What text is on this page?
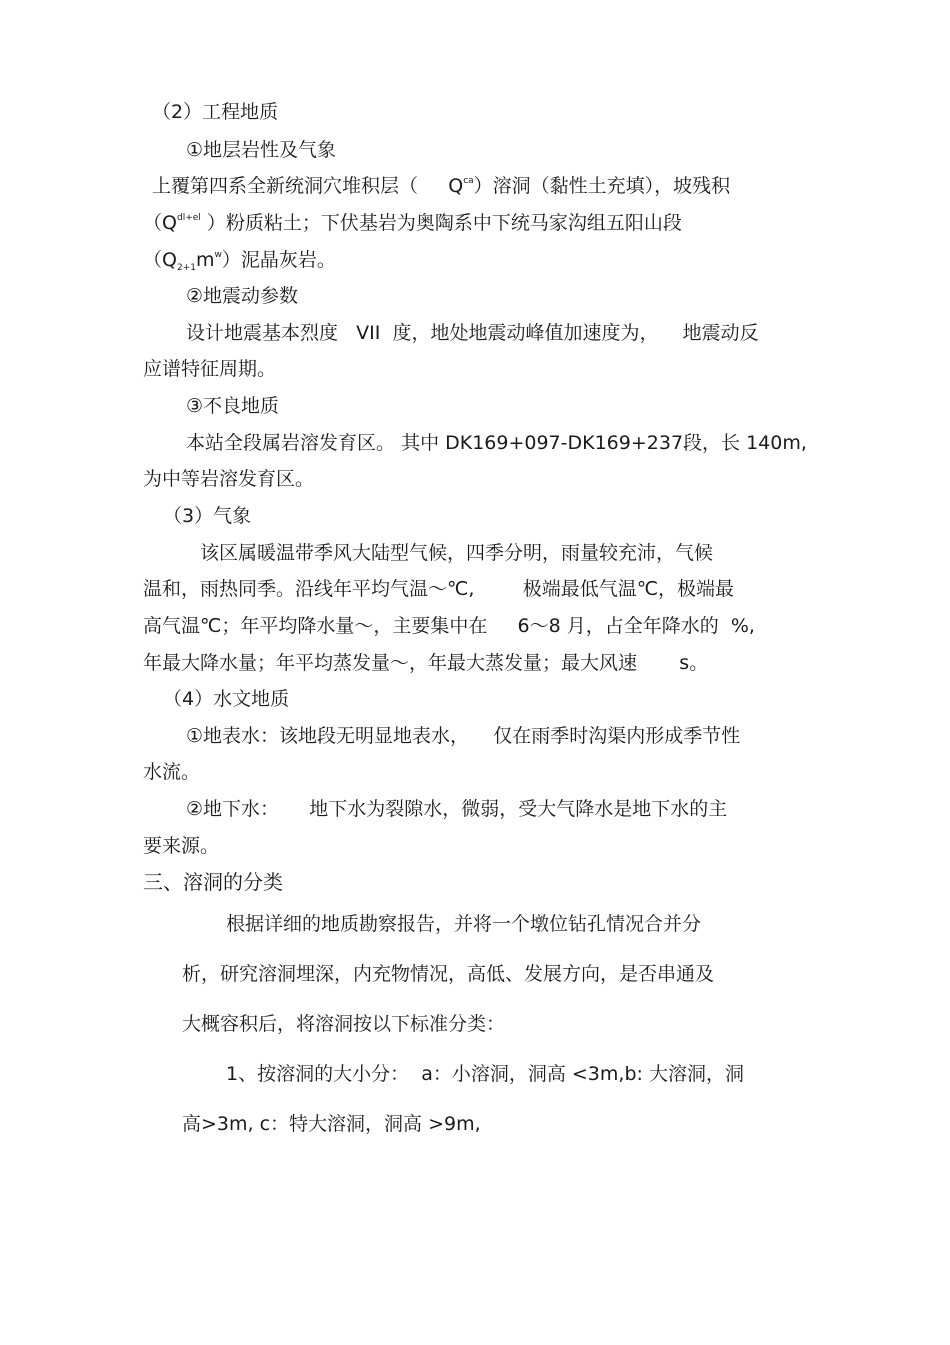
（2）工程地质
①地层岩性及气象
上覆第四系全新统洞穴堆积层（ $Q^{ca}$）溶洞（黏性土充填），坡残积
（$Q^{dl+el}$ ）粉质粘土；下伏基岩为奥陶系中下统马家沟组五阳山段
$(Q_{2+1}m^w)$泥晶灰岩。
②地震动参数
设计地震基本烈度 VII 度，地处地震动峰值加速度为， 地震动反
应谱特征周期。
③不良地质
本站全段属岩溶发育区。 其中 DK169+097-DK169+237段，长 140m,
为中等岩溶发育区。
（3）气象
该区属暖温带季风大陆型气候，四季分明，雨量较充沛，气候
温和，雨热同季。沿线年平均气温～℃,	极端最低气温℃，极端最
高气温℃；年平均降水量～，主要集中在 6～8 月，占全年降水的 %,
年最大降水量；年平均蒸发量～，年最大蒸发量；最大风速 s。
（4）水文地质
①地表水：该地段无明显地表水， 仅在雨季时沟渠内形成季节性
水流。
②地下水： 地下水为裂隙水，微弱，受大气降水是地下水的主
要来源。
三、溶洞的分类
根据详细的地质勘察报告，并将一个墩位钻孔情况合并分
析，研究溶洞埋深，内充物情况，高低、发展方向，是否串通及
大概容积后，将溶洞按以下标准分类：
1、按溶洞的大小分： a：小溶洞，洞高 <3m,b: 大溶洞，洞
高>3m, c：特大溶洞，洞高 >9m,
